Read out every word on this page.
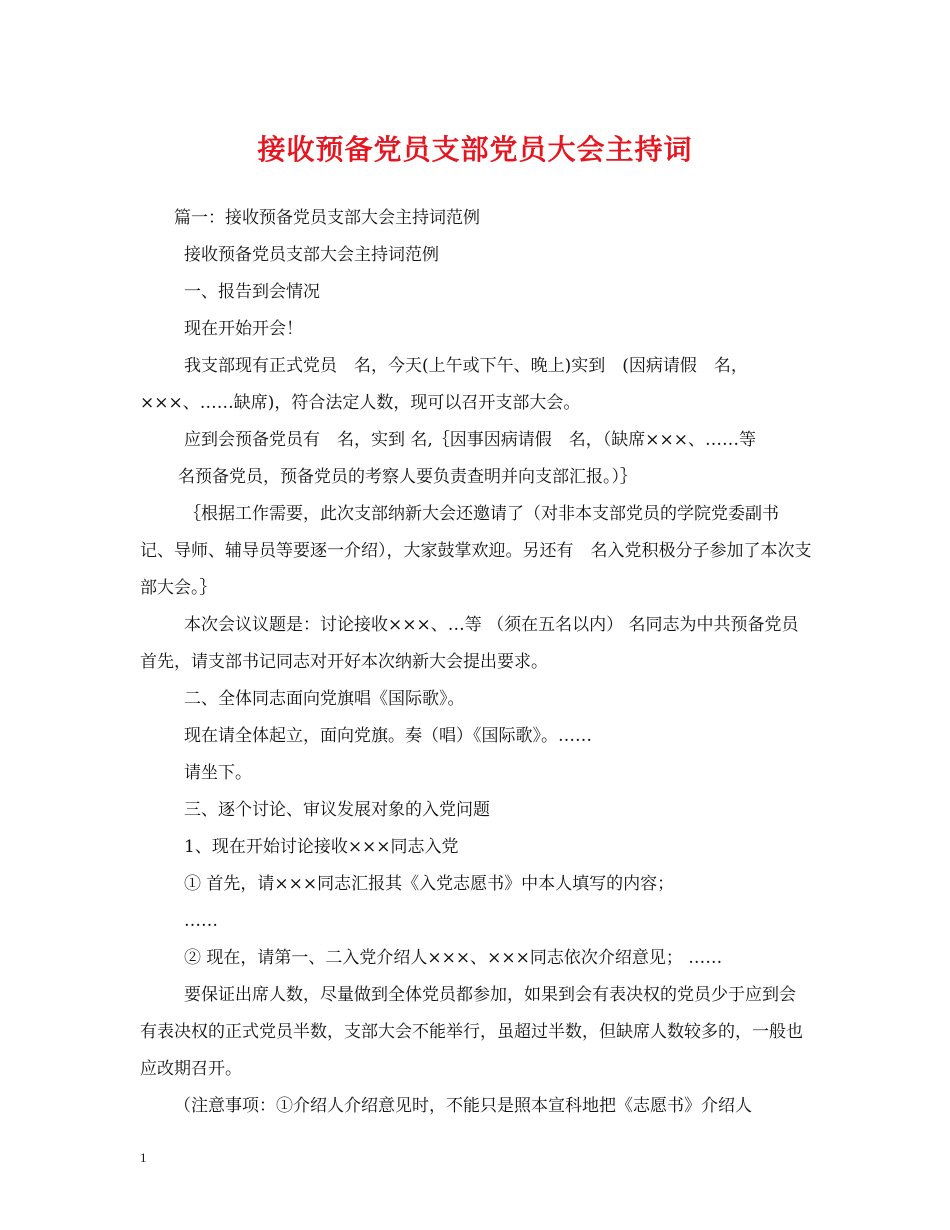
接收预备党员支部党员大会主持词

篇一：接收预备党员支部大会主持词范例

接收预备党员支部大会主持词范例

一、报告到会情况

现在开始开会！

我支部现有正式党员　名，今天(上午或下午、晚上)实到　(因病请假　名，×××、……缺席)，符合法定人数，现可以召开支部大会。

应到会预备党员有　名，实到 名,｛因事因病请假　名，（缺席×××、……等

名预备党员，预备党员的考察人要负责查明并向支部汇报。）｝

｛根据工作需要，此次支部纳新大会还邀请了（对非本支部党员的学院党委副书记、导师、辅导员等要逐一介绍），大家鼓掌欢迎。另还有　名入党积极分子参加了本次支部大会。｝

本次会议议题是：讨论接收×××、…等 （须在五名以内） 名同志为中共预备党员 首先，请支部书记同志对开好本次纳新大会提出要求。

二、全体同志面向党旗唱《国际歌》。

现在请全体起立，面向党旗。奏（唱）《国际歌》。……

请坐下。

三、逐个讨论、审议发展对象的入党问题

1、现在开始讨论接收×××同志入党

① 首先，请×××同志汇报其《入党志愿书》中本人填写的内容；

……

② 现在，请第一、二入党介绍人×××、×××同志依次介绍意见； ……

要保证出席人数，尽量做到全体党员都参加，如果到会有表决权的党员少于应到会有表决权的正式党员半数，支部大会不能举行，虽超过半数，但缺席人数较多的，一般也应改期召开。

（注意事项：①介绍人介绍意见时，不能只是照本宣科地把《志愿书》介绍人

1
